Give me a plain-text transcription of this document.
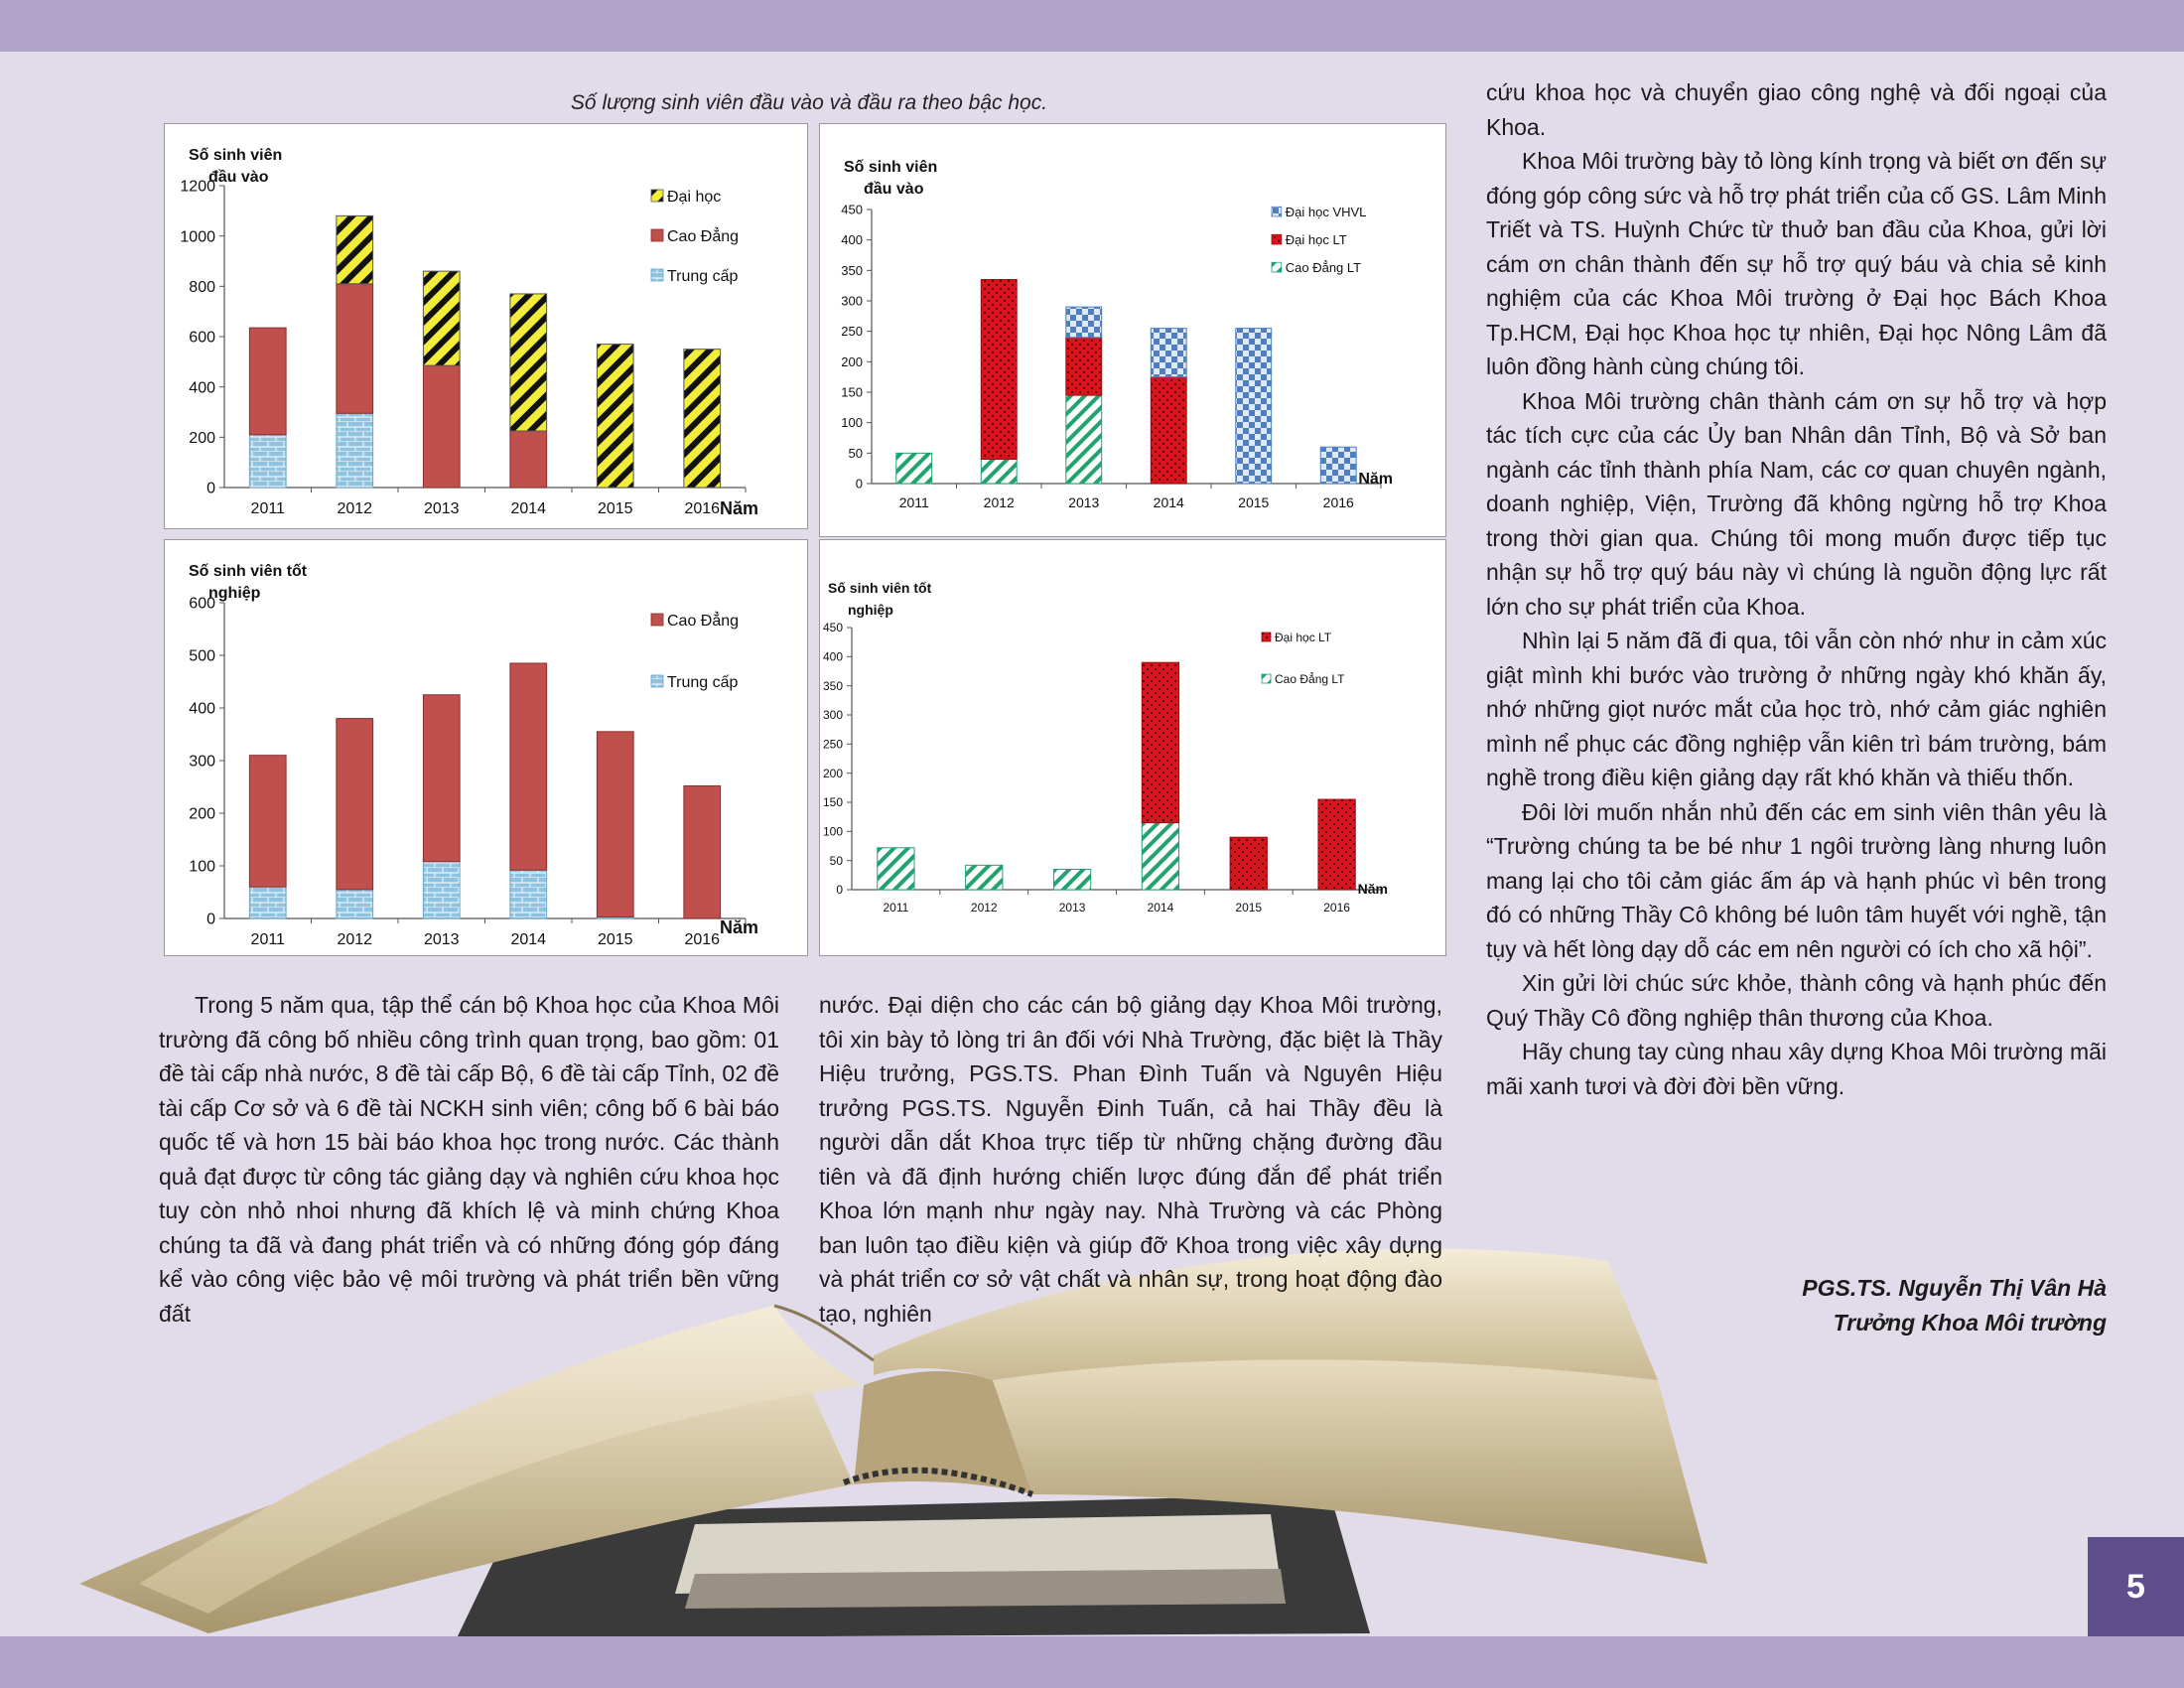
Số lượng sinh viên đầu vào và đầu ra theo bậc học.
Số sinh viên
đầu vào
0
200
400
600
800
1000
1200
2011	2012	2013	2014	2015	2016 Năm
Đại học
Cao Đẳng
Trung cấp
Số sinh viên
đầu vào
0
50
100
150
200
250
300
350
400
450
2011	2012	2013	2014	2015	2016
Năm
Đại học VHVL
Đại học LT
Cao Đẳng LT
Số sinh viên tốt
nghiệp
0
100
200
300
400
500
600
2011	2012	2013	2014	2015	2016
Năm
Cao Đẳng
Trung cấp
Số sinh viên tốt
nghiệp
0
50
100
150
200
250
300
350
400
450
2011	2012	2013	2014	2015	2016
Năm
Đại học LT
Cao Đẳng LT

Trong 5 năm qua, tập thể cán bộ Khoa học của Khoa Môi trường đã công bố nhiều công trình quan trọng, bao gồm: 01 đề tài cấp nhà nước, 8 đề tài cấp Bộ, 6 đề tài cấp Tỉnh, 02 đề tài cấp Cơ sở và 6 đề tài NCKH sinh viên; công bố 6 bài báo quốc tế và hơn 15 bài báo khoa học trong nước. Các thành quả đạt được từ công tác giảng dạy và nghiên cứu khoa học tuy còn nhỏ nhoi nhưng đã khích lệ và minh chứng Khoa chúng ta đã và đang phát triển và có những đóng góp đáng kể vào công việc bảo vệ môi trường và phát triển bền vững đất

nước. Đại diện cho các cán bộ giảng dạy Khoa Môi trường, tôi xin bày tỏ lòng tri ân đối với Nhà Trường, đặc biệt là Thầy Hiệu trưởng, PGS.TS. Phan Đình Tuấn và Nguyên Hiệu trưởng PGS.TS. Nguyễn Đinh Tuấn, cả hai Thầy đều là người dẫn dắt Khoa trực tiếp từ những chặng đường đầu tiên và đã định hướng chiến lược đúng đắn để phát triển Khoa lớn mạnh như ngày nay. Nhà Trường và các Phòng ban luôn tạo điều kiện và giúp đỡ Khoa trong việc xây dựng và phát triển cơ sở vật chất và nhân sự, trong hoạt động đào tạo, nghiên

cứu khoa học và chuyển giao công nghệ và đối ngoại của Khoa.

Khoa Môi trường bày tỏ lòng kính trọng và biết ơn đến sự đóng góp công sức và hỗ trợ phát triển của cố GS. Lâm Minh Triết và TS. Huỳnh Chức từ thuở ban đầu của Khoa, gửi lời cám ơn chân thành đến sự hỗ trợ quý báu và chia sẻ kinh nghiệm của các Khoa Môi trường ở Đại học Bách Khoa Tp.HCM, Đại học Khoa học tự nhiên, Đại học Nông Lâm đã luôn đồng hành cùng chúng tôi.

Khoa Môi trường chân thành cám ơn sự hỗ trợ và hợp tác tích cực của các Ủy ban Nhân dân Tỉnh, Bộ và Sở ban ngành các tỉnh thành phía Nam, các cơ quan chuyên ngành, doanh nghiệp, Viện, Trường đã không ngừng hỗ trợ Khoa trong thời gian qua. Chúng tôi mong muốn được tiếp tục nhận sự hỗ trợ quý báu này vì chúng là nguồn động lực rất lớn cho sự phát triển của Khoa.

Nhìn lại 5 năm đã đi qua, tôi vẫn còn nhớ như in cảm xúc giật mình khi bước vào trường ở những ngày khó khăn ấy, nhớ những giọt nước mắt của học trò, nhớ cảm giác nghiên mình nể phục các đồng nghiệp vẫn kiên trì bám trường, bám nghề trong điều kiện giảng dạy rất khó khăn và thiếu thốn.

Đôi lời muốn nhắn nhủ đến các em sinh viên thân yêu là “Trường chúng ta be bé như 1 ngôi trường làng nhưng luôn mang lại cho tôi cảm giác ấm áp và hạnh phúc vì bên trong đó có những Thầy Cô không bé luôn tâm huyết với nghề, tận tụy và hết lòng dạy dỗ các em nên người có ích cho xã hội”.

Xin gửi lời chúc sức khỏe, thành công và hạnh phúc đến Quý Thầy Cô đồng nghiệp thân thương của Khoa.

Hãy chung tay cùng nhau xây dựng Khoa Môi trường mãi mãi xanh tươi và đời đời bền vững.

PGS.TS. Nguyễn Thị Vân Hà
Trưởng Khoa Môi trường
5
